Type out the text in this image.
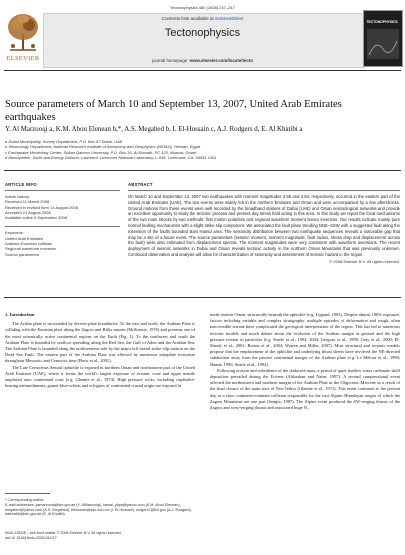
Tectonophysics 460 (2008) 237–247
ELSEVIER
Contents lists available at ScienceDirect
Tectonophysics
journal homepage: www.elsevier.com/locate/tecto
TECTONOPHYSICS
Source parameters of March 10 and September 13, 2007, United Arab Emirates earthquakes
Y. Al Marzooqi a, K.M. Abou Elenean b,*, A.S. Megahed b, I. El-Hussain c, A.J. Rodgers d, E. Al Khatibi a
a Dubai Municipality, Survey Department, P.O. Box 67 Dubai, UAE
b Seismology Department, National Research Institute of Astronomy and Geophysics (NRIAG), Helwan, Egypt
c Earthquake Monitoring Center, Sultan Qaboos University, P.O. Box 35, Al-Khoudh, PC 123, Muscat, Oman
d Atmospheric, Earth and Energy Division, Lawrence Livermore National Laboratory, L-046, Livermore, CA, 94551 USA
ARTICLE INFO
Article history:
Received 11 March 2008
Received in revised form 14 August 2008
Accepted 21 August 2008
Available online 5 September 2008
Keywords:
United Arab Emirates
Arabian–Eurasian collision
Regional waveform inversion
Source parameters
ABSTRACT
On March 10 and September 13, 2007 two earthquakes with moment magnitudes 3.66 and 3.94, respectively, occurred in the eastern part of the United Arab Emirates (UAE). The two events were widely felt in the northern Emirates and Oman and were accompanied by a few aftershocks. Ground motions from these events were well recorded by the broadband stations of Dubai (UAE) and Oman seismological networks and provide an excellent opportunity to study the tectonic process and present day stress field acting in this area. In this study we report the focal mechanisms of the two main shocks by two methods: first motion polarities and regional waveform moment tensor inversion. Our results indicate mainly pure normal faulting mechanisms with a slight strike slip component. We associated the fault plane trending NNE–SSW with a suggested fault along the extension of the faults bounded Bani Hamid area. The seismicity distribution between two earthquake sequences reveals a noticeable gap that may be a site of a future event. The source parameters (seismic moment, moment magnitude, fault radius, stress drop and displacement across the fault) were also estimated from displacement spectra. The moment magnitudes were very consistent with waveform inversions. The recent deployment of seismic networks in Dubai and Oman reveals tectonic activity in the northern Oman Mountains that was previously unknown. Continued observation and analysis will allow for characterization of seismicity and assessment of seismic hazard in the region.
© 2008 Elsevier B.V. All rights reserved.
1. Introduction

The Arabia plate is surrounded by diverse plate boundaries. To the east and north, the Arabian Plate is colliding with the Eurasian plate along the Zagros and Bitlis sutures (McKenzie, 1976) and presents one of the most seismically active continental regions on the Earth (Fig. 1). To the southwest and south the Arabian Plate is bounded by seafloor spreading along the Red Sea, the Gulf of Aden and the Arabian Sea. The Arabian Plate is bounded along the northwestern side by the major left lateral strike-slip motion on the Dead Sea Fault. The eastern part of the Arabian Plate was affected by numerous intraplate tectonism throughout Mesozoic and Cenozoic time (Brew et al., 2001).

The Late Cretaceous Semail ophiolite is exposed in northern Oman and northeastern part of the United Arab Emirates (UAE), where it forms the world's largest exposure of oceanic crust and upper mantle emplaced onto continental crust (e.g. Glennie et al., 1974). High pressure rocks, including carpholite-bearing metasediments, garnet-blue-schists and eclogites of continental crustal origin are exposed in

north-eastern Oman, structurally beneath the ophiolite (e.g. Lippard, 1983). Despite almost 100% exposure, factors including variable and complex stratigraphy, multiple episodes of deformation and rough, often inaccessible terrane have complicated the geological interpretation of the region. This has led to numerous tectonic models and much debate about the evolution of the Arabian margin in general and the high pressure terrane in particular (e.g. Searle et al., 1994, 2004; Gregory et al., 1998; Gray et al., 2000; El-Shazly et al., 2001; Breton et al., 2004; Warren and Miller, 2007). Most structural and tectonic models propose that the emplacement of the ophiolite and underlying thrust sheets have involved the NE-directed subduction away from the passive continental margin of the Arabian plate (e.g. Le Métour et al., 1990; Hanna, 1990; Searle et al., 1994).

Following erosion and subsidence of the obducted mass, a period of quiet shallow water carbonate shelf deposition prevailed during the Eocene (Alsharhan and Nairn, 1997). A second compressional event affected the northeastern and northern margin of the Arabian Plate in the Oligocene–Miocene as a result of the final closure of the main tract of Neo-Tethys (Glennie et al., 1973). This event continues to the present day as a slow continent-continent collision responsible for the vast Alpine–Himalayan ranges of which the Zagros Mountains are one part (Sengör, 1987). The Alpine event produced the SW-verging thrusts of the Zagros and west-verging thrusts and associated huge N–

* Corresponding author.
E-mail addresses: yamarzooqi@dm.gov.ae (Y. AlMarzooqi), kamal_pitya@yahoo.com (K.M. Abou Elenean), megahed@yahoo.com (A.S. Megahed), elhussain@squ.edu.om (I. El-Hussain), rodgers7@llnl.gov (A.J. Rodgers), ealkhatibi@dm.gov.ae (E. Al Khatibi).
0040-1951/$ – see front matter © 2008 Elsevier B.V. All rights reserved.
doi:10.1016/j.tecto.2008.08.017
